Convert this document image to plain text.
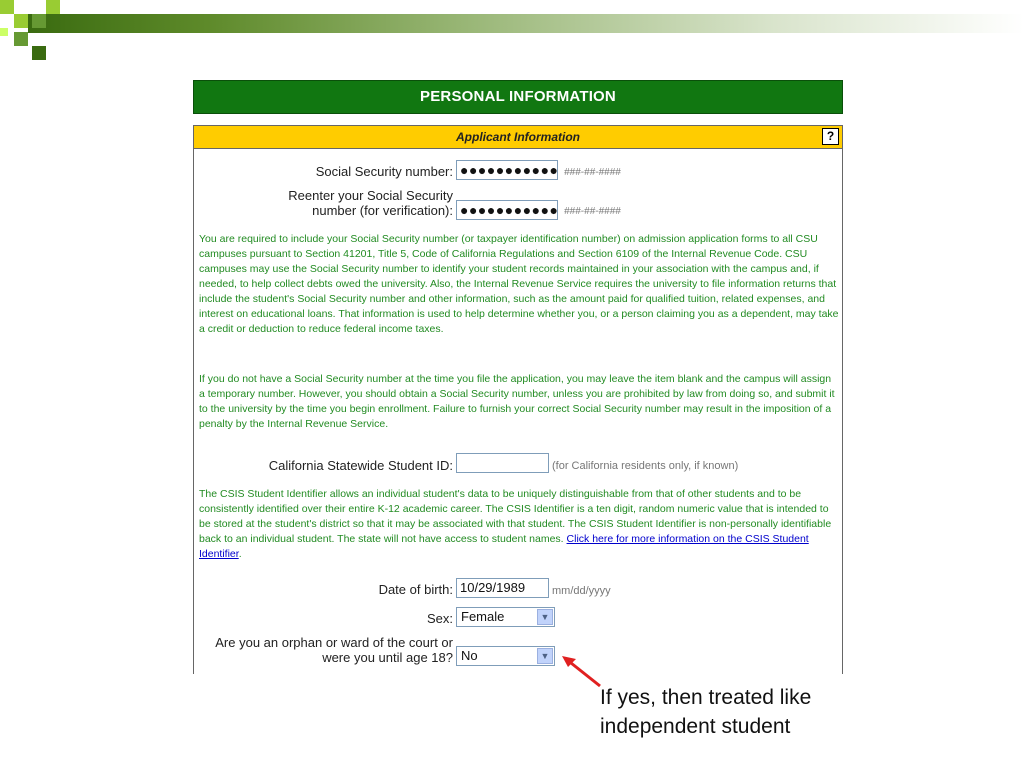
PERSONAL INFORMATION
Applicant Information	?
Social Security number: ●●●●●●●●●●● ###-##-####
Reenter your Social Security
number (for verification): ●●●●●●●●●●● ###-##-####
You are required to include your Social Security number (or taxpayer identification number) on admission application forms to all CSU campuses pursuant to Section 41201, Title 5, Code of California Regulations and Section 6109 of the Internal Revenue Code. CSU campuses may use the Social Security number to identify your student records maintained in your association with the campus and, if needed, to help collect debts owed the university. Also, the Internal Revenue Service requires the university to file information returns that include the student's Social Security number and other information, such as the amount paid for qualified tuition, related expenses, and interest on educational loans. That information is used to help determine whether you, or a person claiming you as a dependent, may take a credit or deduction to reduce federal income taxes.
If you do not have a Social Security number at the time you file the application, you may leave the item blank and the campus will assign a temporary number. However, you should obtain a Social Security number, unless you are prohibited by law from doing so, and submit it to the university by the time you begin enrollment. Failure to furnish your correct Social Security number may result in the imposition of a penalty by the Internal Revenue Service.
California Statewide Student ID:	(for California residents only, if known)
The CSIS Student Identifier allows an individual student's data to be uniquely distinguishable from that of other students and to be consistently identified over their entire K-12 academic career. The CSIS Identifier is a ten digit, random numeric value that is intended to be stored at the student's district so that it may be associated with that student. The CSIS Student Identifier is non-personally identifiable back to an individual student. The state will not have access to student names. Click here for more information on the CSIS Student Identifier.
Date of birth: 10/29/1989	mm/dd/yyyy
Sex: Female	▼
Are you an orphan or ward of the court or
were you until age 18? No	▼
If yes, then treated like
independent student
